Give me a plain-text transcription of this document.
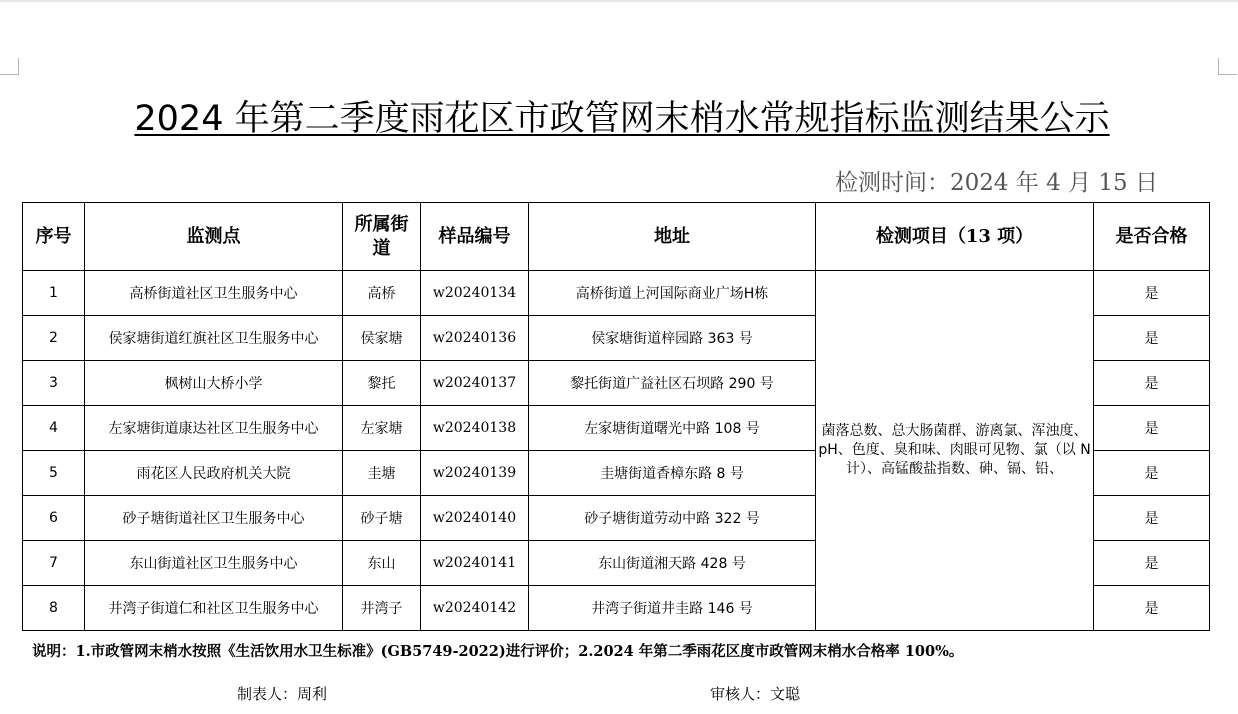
2024 年第二季度雨花区市政管网末梢水常规指标监测结果公示
检测时间：2024 年 4 月 15 日
序号	监测点	所属街道	样品编号	地址	检测项目（13 项）	是否合格
1	高桥街道社区卫生服务中心	高桥	w20240134	高桥街道上河国际商业广场H栋	菌落总数、总大肠菌群、游离氯、浑浊度、pH、色度、臭和味、肉眼可见物、氯（以 N 计）、高锰酸盐指数、砷、镉、铅、	是
2	侯家塘街道红旗社区卫生服务中心	侯家塘	w20240136	侯家塘街道梓园路 363 号		是
3	枫树山大桥小学	黎托	w20240137	黎托街道广益社区石坝路 290 号		是
4	左家塘街道康达社区卫生服务中心	左家塘	w20240138	左家塘街道曙光中路 108 号		是
5	雨花区人民政府机关大院	圭塘	w20240139	圭塘街道香樟东路 8 号		是
6	砂子塘街道社区卫生服务中心	砂子塘	w20240140	砂子塘街道劳动中路 322 号		是
7	东山街道社区卫生服务中心	东山	w20240141	东山街道湘天路 428 号		是
8	井湾子街道仁和社区卫生服务中心	井湾子	w20240142	井湾子街道井圭路 146 号		是
说明：1.市政管网末梢水按照《生活饮用水卫生标准》(GB5749-2022)进行评价；2.2024 年第二季雨花区度市政管网末梢水合格率 100%。
制表人：周利	审核人：文聪
